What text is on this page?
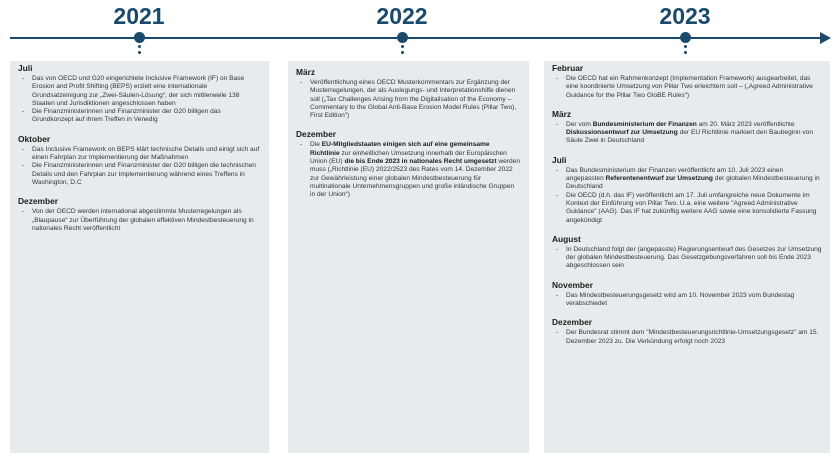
2021	2022	2023
Juli
- Das von OECD und G20 eingerichtete Inclusive Framework (IF) on Base Erosion and Profit Shifting (BEPS) erzielt eine internationale Grundsatzeinigung zur „Zwei-Säulen-Lösung“, der sich mittlerweile 138 Staaten und Jurisdiktionen angeschlossen haben
- Die Finanzministerinnen und Finanzminister der G20 billigen das Grundkonzept auf ihrem Treffen in Venedig
Oktober
- Das Inclusive Framework on BEPS klärt technische Details und einigt sich auf einen Fahrplan zur Implementierung der Maßnahmen
- Die Finanzministerinnen und Finanzminister der G20 billigen die technischen Details und den Fahrplan zur Implementierung während eines Treffens in Washington, D.C
Dezember
- Von der OECD werden international abgestimmte Musterregelungen als „Blaupause“ zur Überführung der globalen effektiven Mindestbesteuerung in nationales Recht veröffentlicht
März
- Veröffentlichung eines OECD Musterkommentars zur Ergänzung der Musterregelungen, der als Auslegungs- und Interpretationshilfe dienen soll („Tax Challenges Arising from the Digitalisation of the Economy – Commentary to the Global Anti-Base Erosion Model Rules (Pillar Two), First Edition“)
Dezember
- Die EU-Mitgliedstaaten einigen sich auf eine gemeinsame Richtlinie zur einheitlichen Umsetzung innerhalb der Europäischen Union (EU) die bis Ende 2023 in nationales Recht umgesetzt werden muss („Richtlinie (EU) 2022/2523 des Rates vom 14. Dezember 2022 zur Gewährleistung einer globalen Mindestbesteuerung für multinationale Unternehmensgruppen und große inländische Gruppen in der Union“)
Februar
- Die OECD hat ein Rahmenkonzept (Implementation Framework) ausgearbeitet, das eine koordinierte Umsetzung von Pillar Two erleichtern soll – („Agreed Administrative Guidance for the Pillar Two GloBE Rules“)
März
- Der vom Bundesministerium der Finanzen am 20. März 2023 veröffentlichte Diskussionsentwurf zur Umsetzung der EU Richtlinie markiert den Baubeginn von Säule Zwei in Deutschland
Juli
- Das Bundesministerium der Finanzen veröffentlicht am 10. Juli 2023 einen angepassten Referentenentwurf zur Umsetzung der globalen Mindestbesteuerung in Deutschland
- Die OECD (d.h. das IF) veröffentlicht am 17. Juli umfangreiche neue Dokumente im Kontext der Einführung von Pillar Two. U.a. eine weitere "Agreed Administrative Guidance" (AAG). Das IF hat zukünftig weitere AAG sowie eine konsolidierte Fassung angekündigt
August
- In Deutschland folgt der (angepasste) Regierungsentwurf des Gesetzes zur Umsetzung der globalen Mindestbesteuerung. Das Gesetzgebungsverfahren soll bis Ende 2023 abgeschlossen sein
November
- Das Mindestbesteuerungsgesetz wird am 10. November 2023 vom Bundestag verabschiedet
Dezember
- Der Bundesrat stimmt dem "Mindestbesteuerungsrichtlinie-Umsetzungsgesetz" am 15. Dezember 2023 zu. Die Verkündung erfolgt noch 2023
